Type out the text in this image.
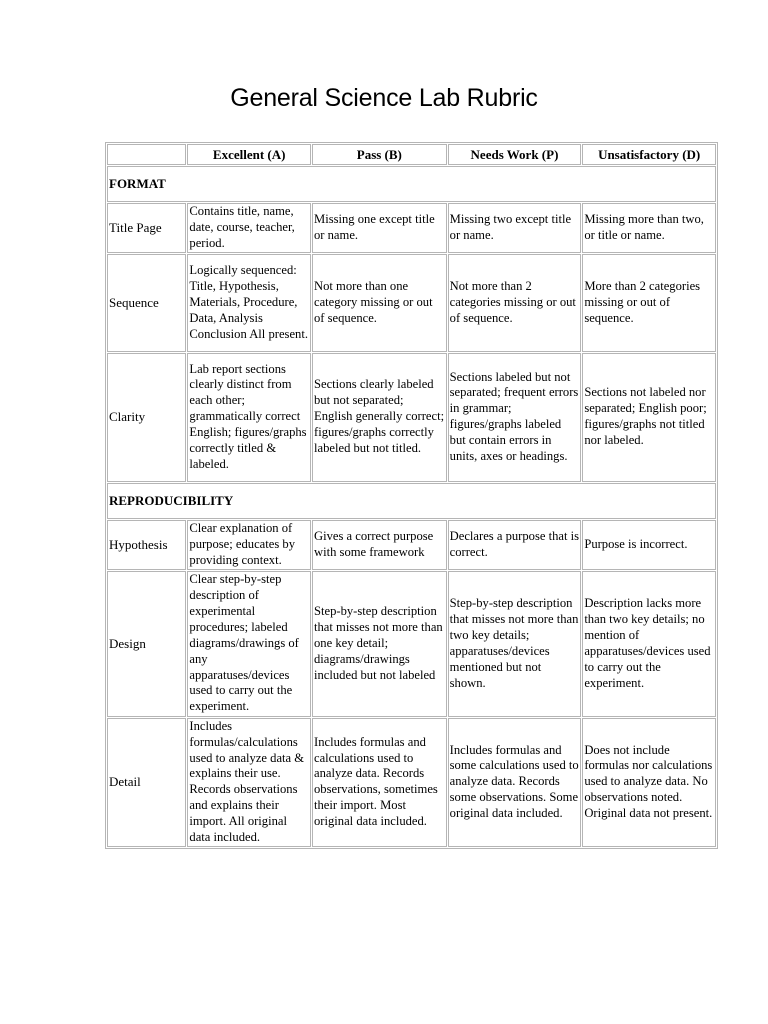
General Science Lab Rubric
	Excellent (A)	Pass (B)	Needs Work (P)	Unsatisfactory (D)
FORMAT				
Title Page	Contains title, name, date, course, teacher, period.	Missing one except title or name.	Missing two except title or name.	Missing more than two, or title or name.
Sequence	Logically sequenced: Title, Hypothesis, Materials, Procedure, Data, Analysis Conclusion All present.	Not more than one category missing or out of sequence.	Not more than 2 categories missing or out of sequence.	More than 2 categories missing or out of sequence.
Clarity	Lab report sections clearly distinct from each other; grammatically correct English; figures/graphs correctly titled & labeled.	Sections clearly labeled but not separated; English generally correct; figures/graphs correctly labeled but not titled.	Sections labeled but not separated; frequent errors in grammar; figures/graphs labeled but contain errors in units, axes or headings.	Sections not labeled nor separated; English poor; figures/graphs not titled nor labeled.
REPRODUCIBILITY				
Hypothesis	Clear explanation of purpose; educates by providing context.	Gives a correct purpose with some framework	Declares a purpose that is correct.	Purpose is incorrect.
Design	Clear step-by-step description of experimental procedures; labeled diagrams/drawings of any apparatuses/devices used to carry out the experiment.	Step-by-step description that misses not more than one key detail; diagrams/drawings included but not labeled	Step-by-step description that misses not more than two key details; apparatuses/devices mentioned but not shown.	Description lacks more than two key details; no mention of apparatuses/devices used to carry out the experiment.
Detail	Includes formulas/calculations used to analyze data & explains their use. Records observations and explains their import. All original data included.	Includes formulas and calculations used to analyze data. Records observations, sometimes their import. Most original data included.	Includes formulas and some calculations used to analyze data. Records some observations. Some original data included.	Does not include formulas nor calculations used to analyze data. No observations noted. Original data not present.
